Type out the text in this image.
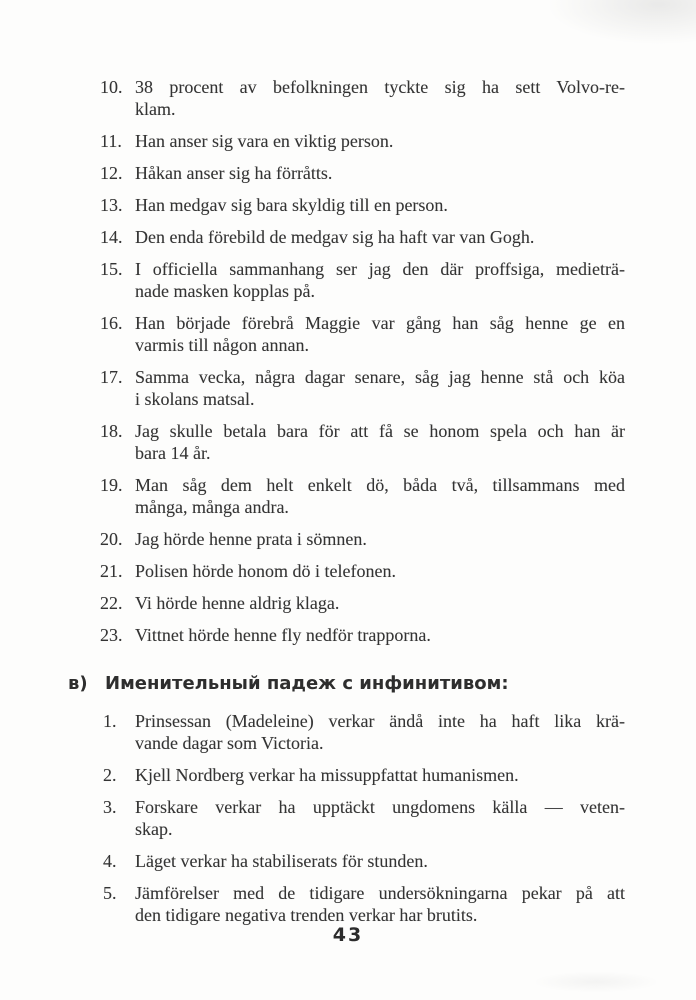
10. 38 procent av befolkningen tyckte sig ha sett Volvo-re-
klam.
11. Han anser sig vara en viktig person.
12. Håkan anser sig ha förråtts.
13. Han medgav sig bara skyldig till en person.
14. Den enda förebild de medgav sig ha haft var van Gogh.
15. I officiella sammanhang ser jag den där proffsiga, medieträ-
nade masken kopplas på.
16. Han började förebrå Maggie var gång han såg henne ge en
varmis till någon annan.
17. Samma vecka, några dagar senare, såg jag henne stå och köa
i skolans matsal.
18. Jag skulle betala bara för att få se honom spela och han är
bara 14 år.
19. Man såg dem helt enkelt dö, båda två, tillsammans med
många, många andra.
20. Jag hörde henne prata i sömnen.
21. Polisen hörde honom dö i telefonen.
22. Vi hörde henne aldrig klaga.
23. Vittnet hörde henne fly nedför trapporna.
в) Именительный падеж с инфинитивом:
1.	Prinsessan (Madeleine) verkar ändå inte ha haft lika krä-
vande dagar som Victoria.
2.	Kjell Nordberg verkar ha missuppfattat humanismen.
3.	Forskare verkar ha upptäckt ungdomens källa — veten-
skap.
4.	Läget verkar ha stabiliserats för stunden.
5.	Jämförelser med de tidigare undersökningarna pekar på att
den tidigare negativa trenden verkar har brutits.
43
